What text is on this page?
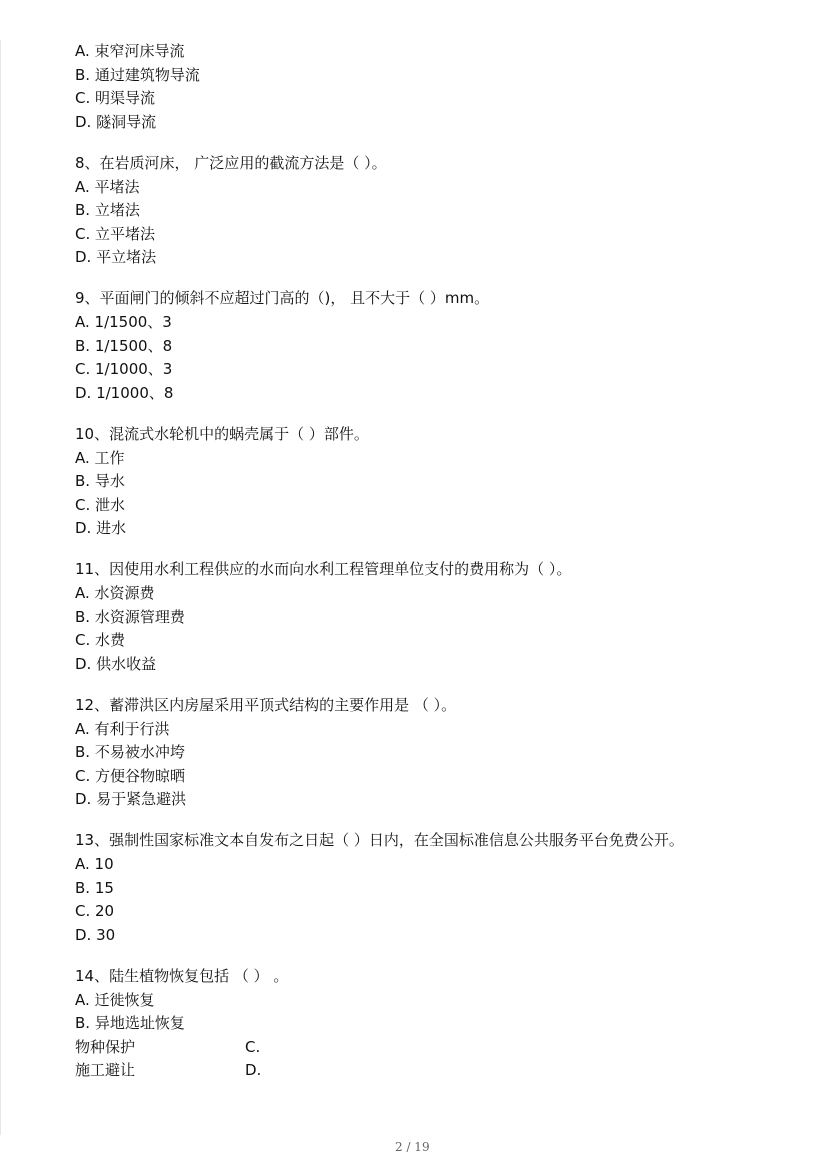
A. 束窄河床导流
B. 通过建筑物导流
C. 明渠导流
D. 隧洞导流
8、在岩质河床， 广泛应用的截流方法是（ ）。
A. 平堵法
B. 立堵法
C. 立平堵法
D. 平立堵法
9、平面闸门的倾斜不应超过门高的（)， 且不大于（ ）mm。
A. 1/1500、3
B. 1/1500、8
C. 1/1000、3
D. 1/1000、8
10、混流式水轮机中的蜗壳属于（ ）部件。
A. 工作
B. 导水
C. 泄水
D. 进水
11、因使用水利工程供应的水而向水利工程管理单位支付的费用称为（ ）。
A. 水资源费
B. 水资源管理费
C. 水费
D. 供水收益
12、蓄滞洪区内房屋采用平顶式结构的主要作用是 （ ）。
A. 有利于行洪
B. 不易被水冲垮
C. 方便谷物晾晒
D. 易于紧急避洪
13、强制性国家标准文本自发布之日起（ ）日内，在全国标准信息公共服务平台免费公开。
A. 10
B. 15
C. 20
D. 30
14、陆生植物恢复包括 （ ） 。
A. 迁徙恢复
B. 异地选址恢复
物种保护	C.
施工避让	D.
2 / 19
